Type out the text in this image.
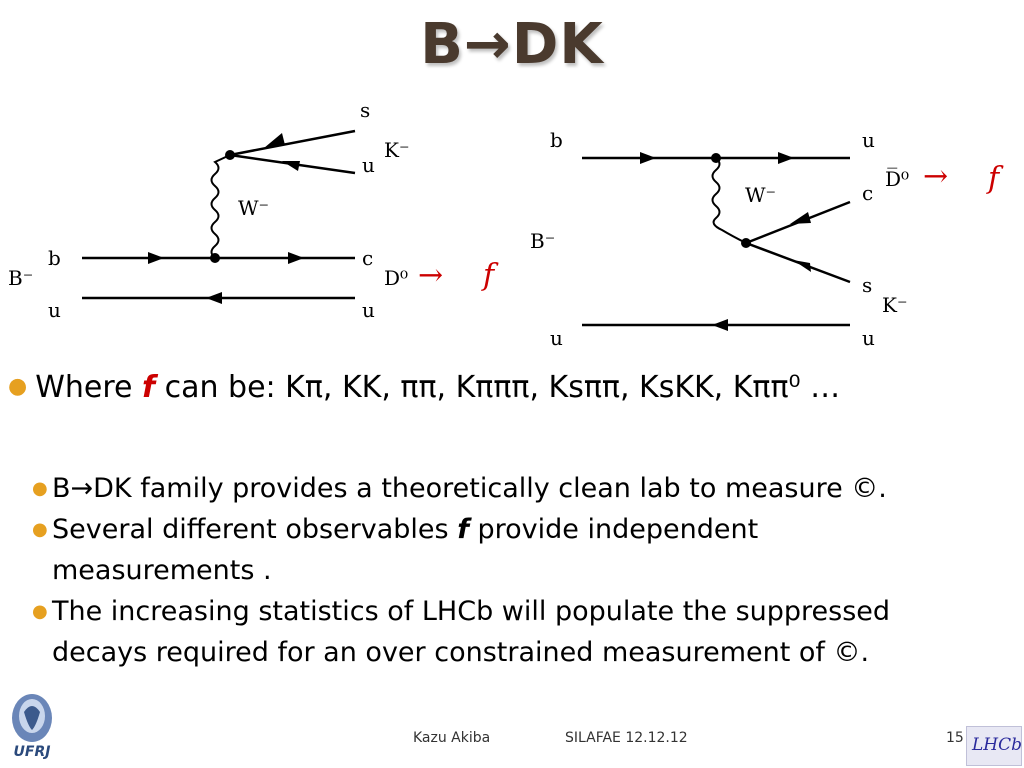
B→DK
s
u
K⁻
W⁻
B⁻
b	c
D⁰
u	u
→ f
b	u
D̅⁰
W⁻	c
B⁻
s
K⁻
u	u
→ f
● Where f can be: Kπ, KK, ππ, Kπππ, Ksππ, KsKK, Kππ⁰ …
● B→DK family provides a theoretically clean lab to measure ©.
● Several different observables f provide independent measurements .
● The increasing statistics of LHCb will populate the suppressed decays required for an over constrained measurement of ©.
UFRJ
Kazu Akiba	SILAFAE 12.12.12	15 LHCb
